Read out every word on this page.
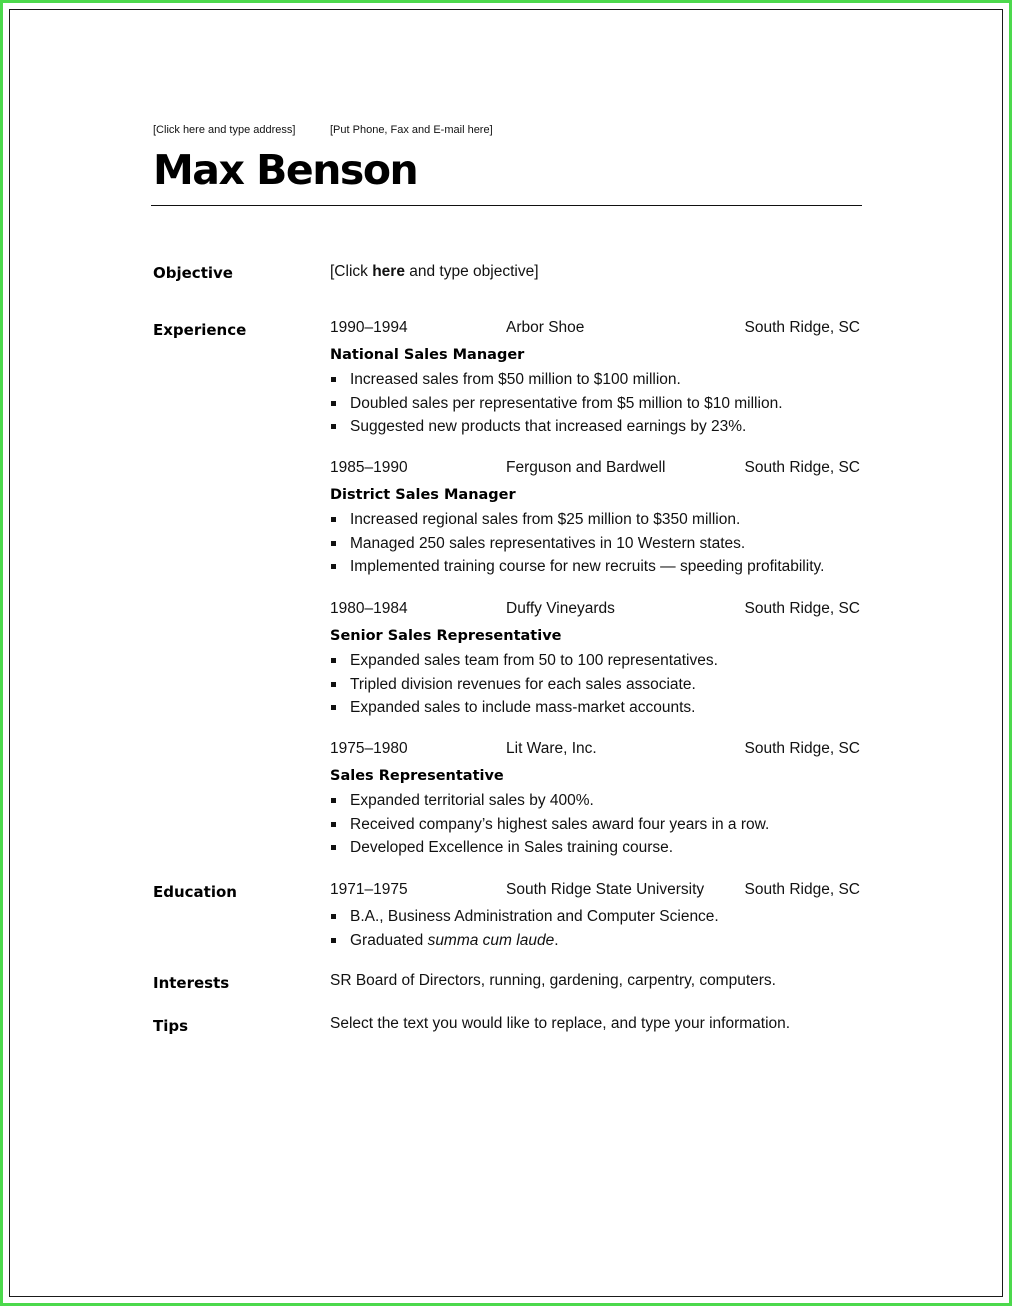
[Click here and type address]	[Put Phone, Fax and E-mail here]
Max Benson
Objective	[Click here and type objective]
Experience	1990–1994	Arbor Shoe	South Ridge, SC
National Sales Manager
Increased sales from $50 million to $100 million.
Doubled sales per representative from $5 million to $10 million.
Suggested new products that increased earnings by 23%.
1985–1990	Ferguson and Bardwell	South Ridge, SC
District Sales Manager
Increased regional sales from $25 million to $350 million.
Managed 250 sales representatives in 10 Western states.
Implemented training course for new recruits — speeding profitability.
1980–1984	Duffy Vineyards	South Ridge, SC
Senior Sales Representative
Expanded sales team from 50 to 100 representatives.
Tripled division revenues for each sales associate.
Expanded sales to include mass-market accounts.
1975–1980	Lit Ware, Inc.	South Ridge, SC
Sales Representative
Expanded territorial sales by 400%.
Received company’s highest sales award four years in a row.
Developed Excellence in Sales training course.
Education	1971–1975	South Ridge State University	South Ridge, SC
B.A., Business Administration and Computer Science.
Graduated summa cum laude.
Interests	SR Board of Directors, running, gardening, carpentry, computers.
Tips	Select the text you would like to replace, and type your information.
